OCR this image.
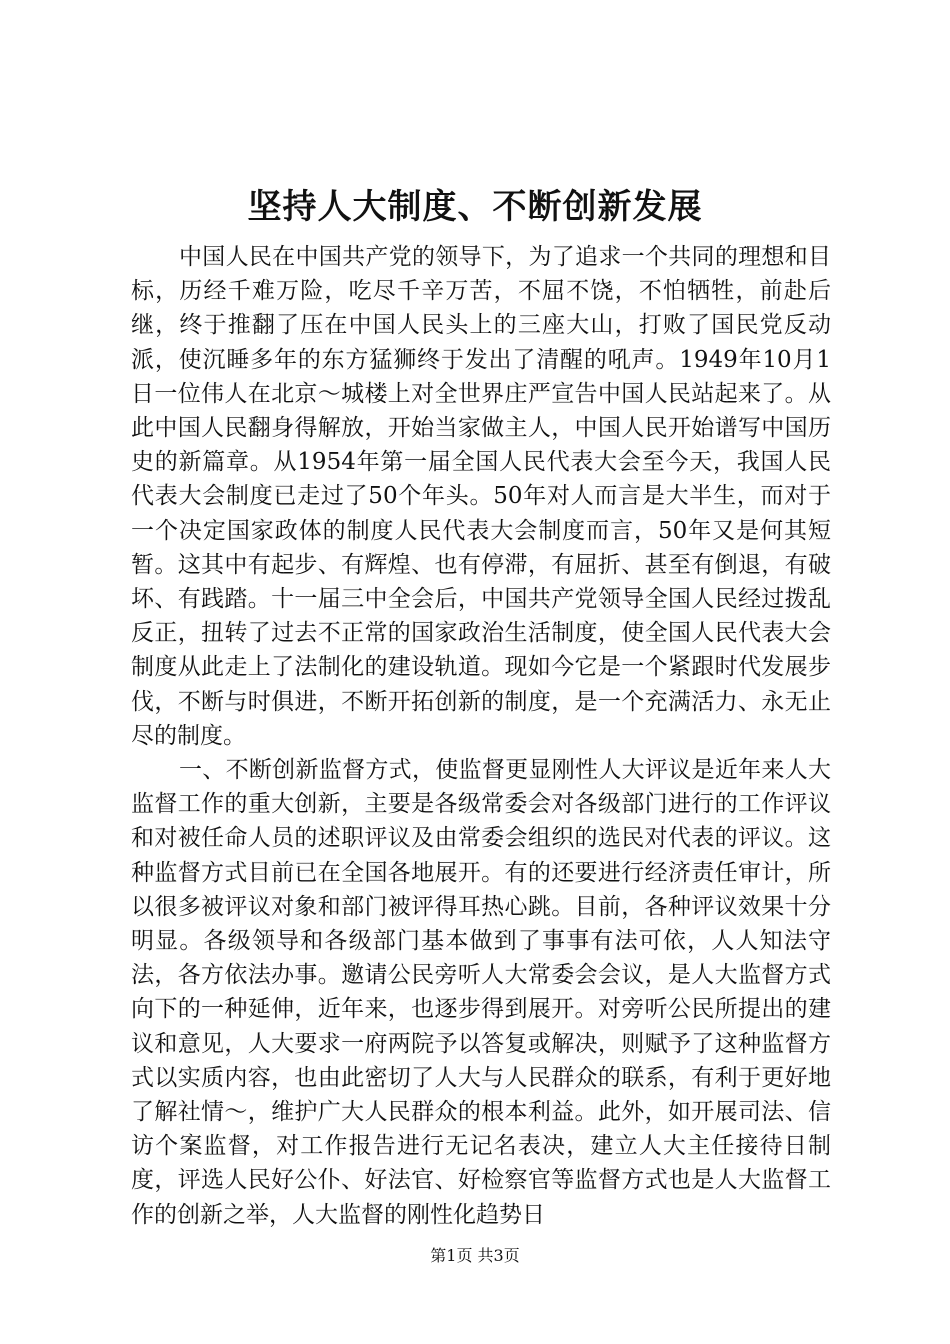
坚持人大制度、不断创新发展

中国人民在中国共产党的领导下，为了追求一个共同的理想和目标，历经千难万险，吃尽千辛万苦，不屈不饶，不怕牺牲，前赴后继，终于推翻了压在中国人民头上的三座大山，打败了国民党反动派，使沉睡多年的东方猛狮终于发出了清醒的吼声。1949年10月1日一位伟人在北京～城楼上对全世界庄严宣告中国人民站起来了。从此中国人民翻身得解放，开始当家做主人，中国人民开始谱写中国历史的新篇章。从1954年第一届全国人民代表大会至今天，我国人民代表大会制度已走过了50个年头。50年对人而言是大半生，而对于一个决定国家政体的制度人民代表大会制度而言，50年又是何其短暂。这其中有起步、有辉煌、也有停滞，有屈折、甚至有倒退，有破坏、有践踏。十一届三中全会后，中国共产党领导全国人民经过拨乱反正，扭转了过去不正常的国家政治生活制度，使全国人民代表大会制度从此走上了法制化的建设轨道。现如今它是一个紧跟时代发展步伐，不断与时俱进，不断开拓创新的制度，是一个充满活力、永无止尽的制度。

一、不断创新监督方式，使监督更显刚性人大评议是近年来人大监督工作的重大创新，主要是各级常委会对各级部门进行的工作评议和对被任命人员的述职评议及由常委会组织的选民对代表的评议。这种监督方式目前已在全国各地展开。有的还要进行经济责任审计，所以很多被评议对象和部门被评得耳热心跳。目前，各种评议效果十分明显。各级领导和各级部门基本做到了事事有法可依，人人知法守法，各方依法办事。邀请公民旁听人大常委会会议，是人大监督方式向下的一种延伸，近年来，也逐步得到展开。对旁听公民所提出的建议和意见，人大要求一府两院予以答复或解决，则赋予了这种监督方式以实质内容，也由此密切了人大与人民群众的联系，有利于更好地了解社情～，维护广大人民群众的根本利益。此外，如开展司法、信访个案监督，对工作报告进行无记名表决，建立人大主任接待日制度，评选人民好公仆、好法官、好检察官等监督方式也是人大监督工作的创新之举，人大监督的刚性化趋势日

第1页 共3页
